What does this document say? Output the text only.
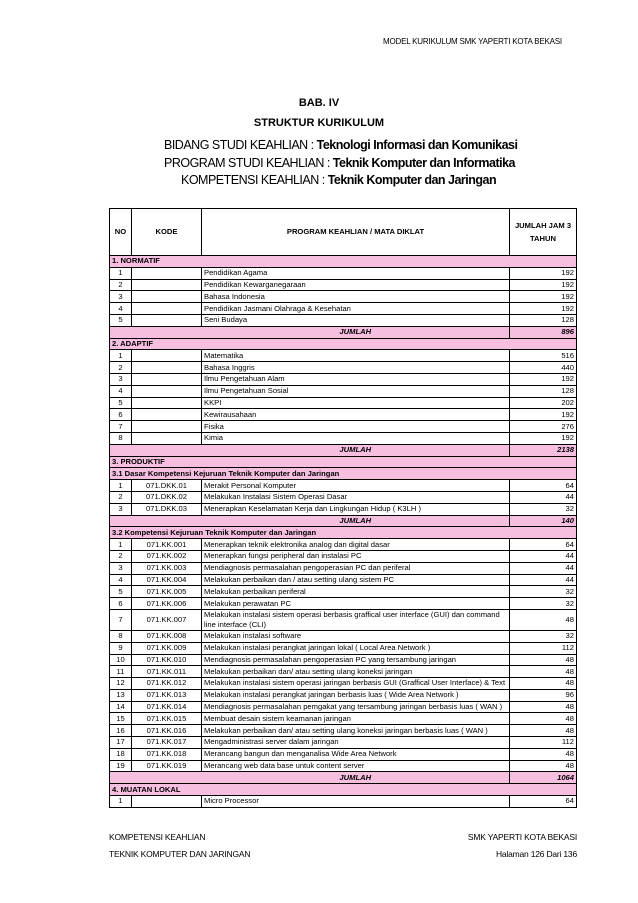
MODEL KURIKULUM SMK YAPERTI KOTA BEKASI
BAB. IV
STRUKTUR KURIKULUM
BIDANG STUDI KEAHLIAN : Teknologi Informasi dan Komunikasi
PROGRAM STUDI KEAHLIAN : Teknik Komputer dan Informatika
KOMPETENSI KEAHLIAN : Teknik Komputer dan Jaringan
NO	KODE	PROGRAM KEAHLIAN / MATA DIKLAT	JUMLAH JAM 3 TAHUN
1. NORMATIF			
1		Pendidikan Agama	192
2		Pendidikan Kewarganegaraan	192
3		Bahasa Indonesia	192
4		Pendidikan Jasmani Olahraga & Kesehatan	192
5		Seni Budaya	128
		JUMLAH	896
2. ADAPTIF			
1		Matematika	516
2		Bahasa Inggris	440
3		Ilmu Pengetahuan Alam	192
4		Ilmu Pengetahuan Sosial	128
5		KKPI	202
6		Kewirausahaan	192
7		Fisika	276
8		Kimia	192
		JUMLAH	2138
3. PRODUKTIF			
3.1 Dasar Kompetensi Kejuruan Teknik Komputer dan Jaringan			
1	071.DKK.01	Merakit Personal Komputer	64
2	071.DKK.02	Melakukan Instalasi Sistem Operasi Dasar	44
3	071.DKK.03	Menerapkan Keselamatan Kerja dan Lingkungan Hidup ( K3LH )	32
		JUMLAH	140
3.2 Kompetensi Kejuruan Teknik Komputer dan Jaringan			
1	071.KK.001	Menerapkan teknik elektronika analog dan digital dasar	64
2	071.KK.002	Menerapkan fungsi peripheral dan instalasi PC	44
3	071.KK.003	Mendiagnosis permasalahan pengoperasian PC dan periferal	44
4	071.KK.004	Melakukan perbaikan dan / atau setting ulang sistem PC	44
5	071.KK.005	Melakukan perbaikan periferal	32
6	071.KK.006	Melakukan perawatan PC	32
7	071.KK.007	Melakukan instalasi sistem operasi berbasis graffical user interface (GUI) dan command line interface (CLI)	48
8	071.KK.008	Melakukan instalasi software	32
9	071.KK.009	Melakukan instalasi perangkat jaringan lokal ( Local Area Network )	112
10	071.KK.010	Mendiagnosis permasalahan pengoperasian PC yang tersambung jaringan	48
11	071.KK.011	Melakukan perbaikan dan/ atau setting ulang koneksi jaringan	48
12	071.KK.012	Melakukan instalasi sistem operasi jaringan berbasis GUI (Graffical User Interface) & Text	48
13	071.KK.013	Melakukan instalasi perangkat jaringan berbasis luas ( Wide Area Network )	96
14	071.KK.014	Mendiagnosis permasalahan pemgakat yang tersambung jaringan berbasis luas ( WAN )	48
15	071.KK.015	Membuat desain sistem keamanan jaringan	48
16	071.KK.016	Melakukan perbaikan dan/ atau setting ulang koneksi jaringan berbasis luas ( WAN )	48
17	071.KK.017	Mengadministrasi server dalam jaringan	112
18	071.KK.018	Merancang bangun dan menganalisa Wide Area Network	48
19	071.KK.019	Merancang web data base untuk content server	48
		JUMLAH	1064
4. MUATAN LOKAL			
1		Micro Processor	64
KOMPETENSI KEAHLIAN
TEKNIK KOMPUTER DAN JARINGAN
SMK YAPERTI KOTA BEKASI
Halaman 126 Dari 136
